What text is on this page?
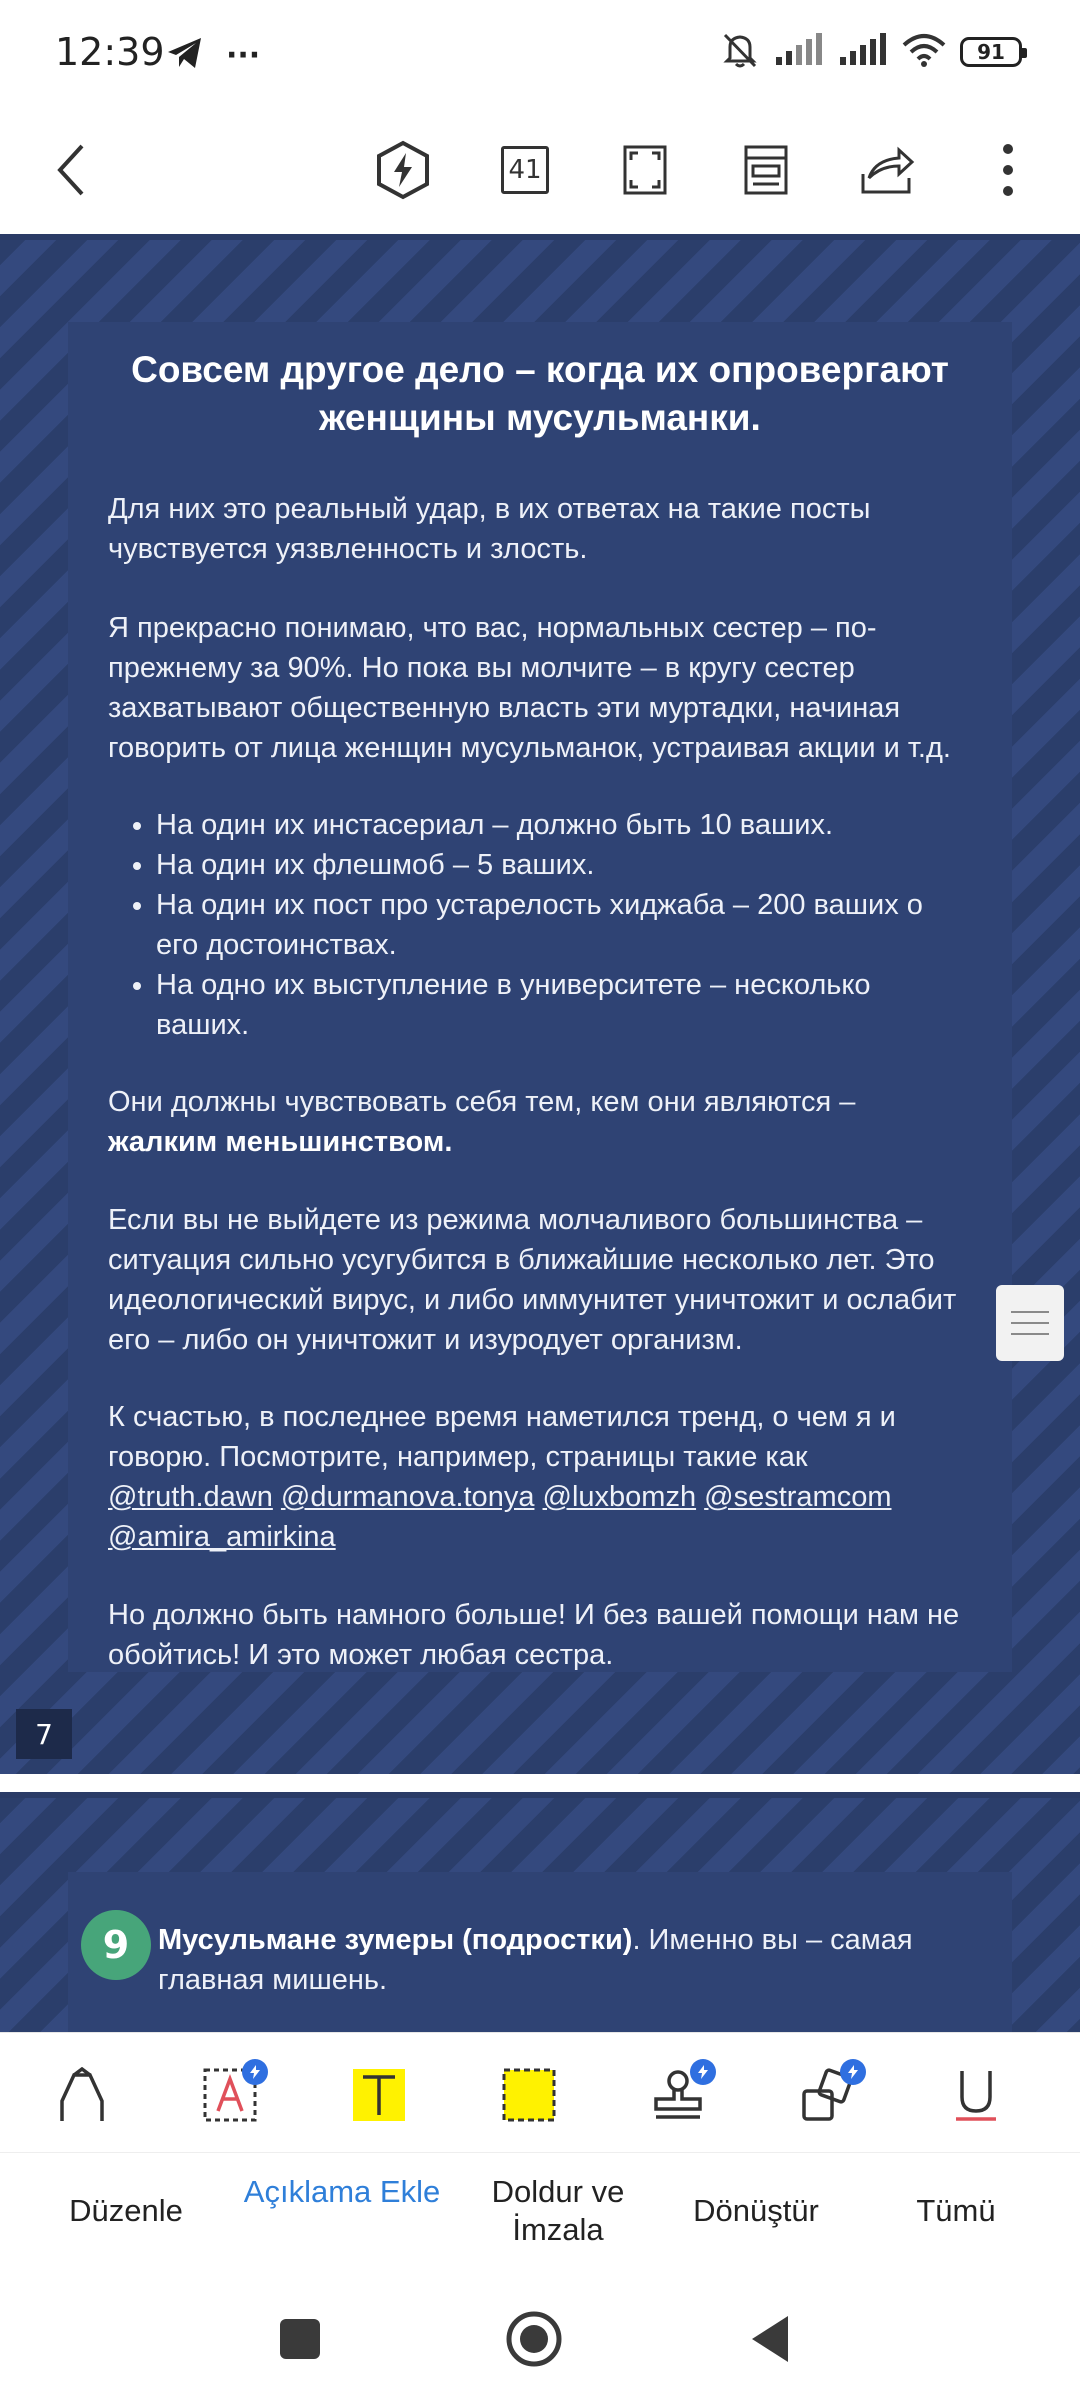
12:39 ···	91
41
Совсем другое дело – когда их опровергают женщины мусульманки.

Для них это реальный удар, в их ответах на такие посты чувствуется уязвленность и злость.

Я прекрасно понимаю, что вас, нормальных сестер – по-прежнему за 90%. Но пока вы молчите – в кругу сестер захватывают общественную власть эти муртадки, начиная говорить от лица женщин мусульманок, устраивая акции и т.д.

• На один их инстасериал – должно быть 10 ваших.
• На один их флешмоб – 5 ваших.
• На один их пост про устарелость хиджаба – 200 ваших о его достоинствах.
• На одно их выступление в университете – несколько ваших.

Они должны чувствовать себя тем, кем они являются –
жалким меньшинством.

Если вы не выйдете из режима молчаливого большинства – ситуация сильно усугубится в ближайшие несколько лет. Это идеологический вирус, и либо иммунитет уничтожит и ослабит его – либо он уничтожит и изуродует организм.

К счастью, в последнее время наметился тренд, о чем я и говорю. Посмотрите, например, страницы такие как
@truth.dawn @durmanova.tonya @luxbomzh @sestramcom
@amira_amirkina

Но должно быть намного больше! И без вашей помощи нам не обойтись! И это может любая сестра.

7
9 Мусульмане зумеры (подростки). Именно вы – самая главная мишень.
Düzenle
Açıklama Ekle	Doldur ve İmzala
Dönüştür	Tümü
